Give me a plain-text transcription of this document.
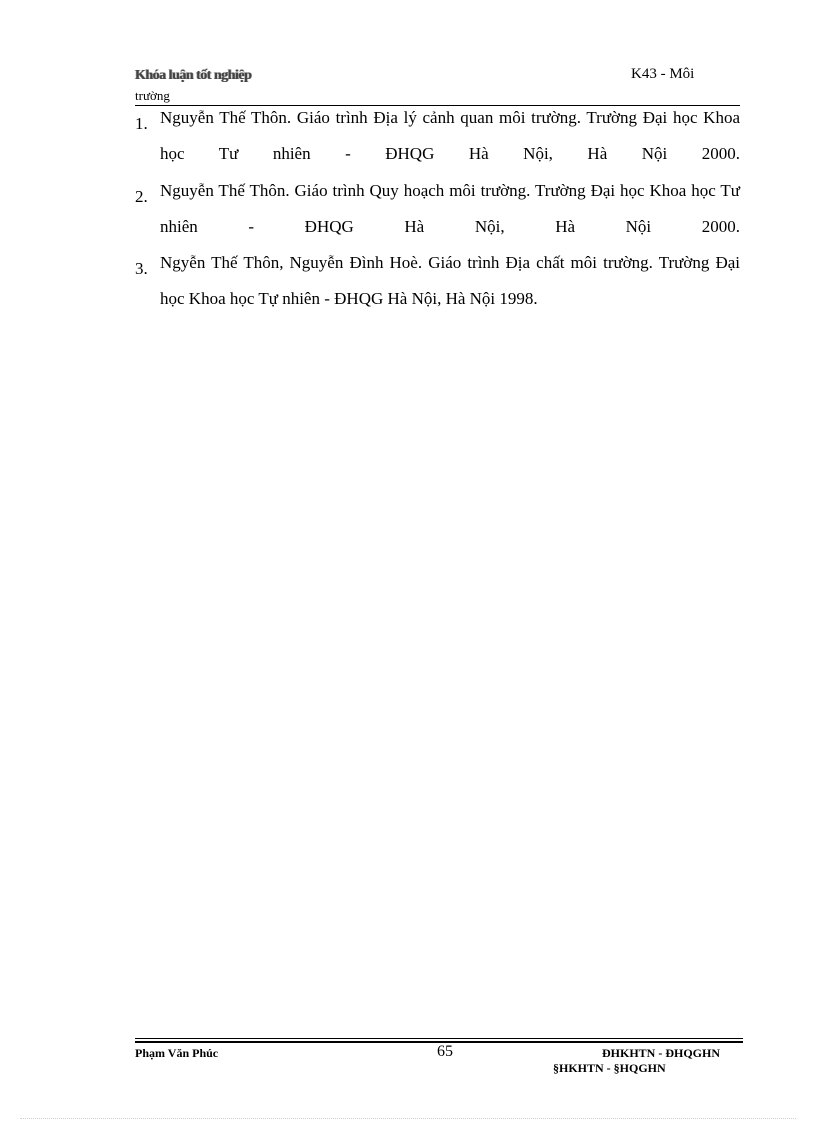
Khóa luận tốt nghiệp
trường
K43 - Môi
1. Nguyễn Thế Thôn. Giáo trình Địa lý cảnh quan môi trường. Trường Đại học Khoa học Tư nhiên - ĐHQG Hà Nội, Hà Nội 2000.
2. Nguyễn Thế Thôn. Giáo trình Quy hoạch môi trường. Trường Đại học Khoa học Tư nhiên - ĐHQG Hà Nội, Hà Nội 2000.
3. Ngyễn Thế Thôn, Nguyễn Đình Hoè. Giáo trình Địa chất môi trường. Trường Đại học Khoa học Tự nhiên - ĐHQG Hà Nội, Hà Nội 1998.
Phạm Văn Phúc	65	ĐHKHTN - ĐHQGHN
§HKHTN - §HQGHN
